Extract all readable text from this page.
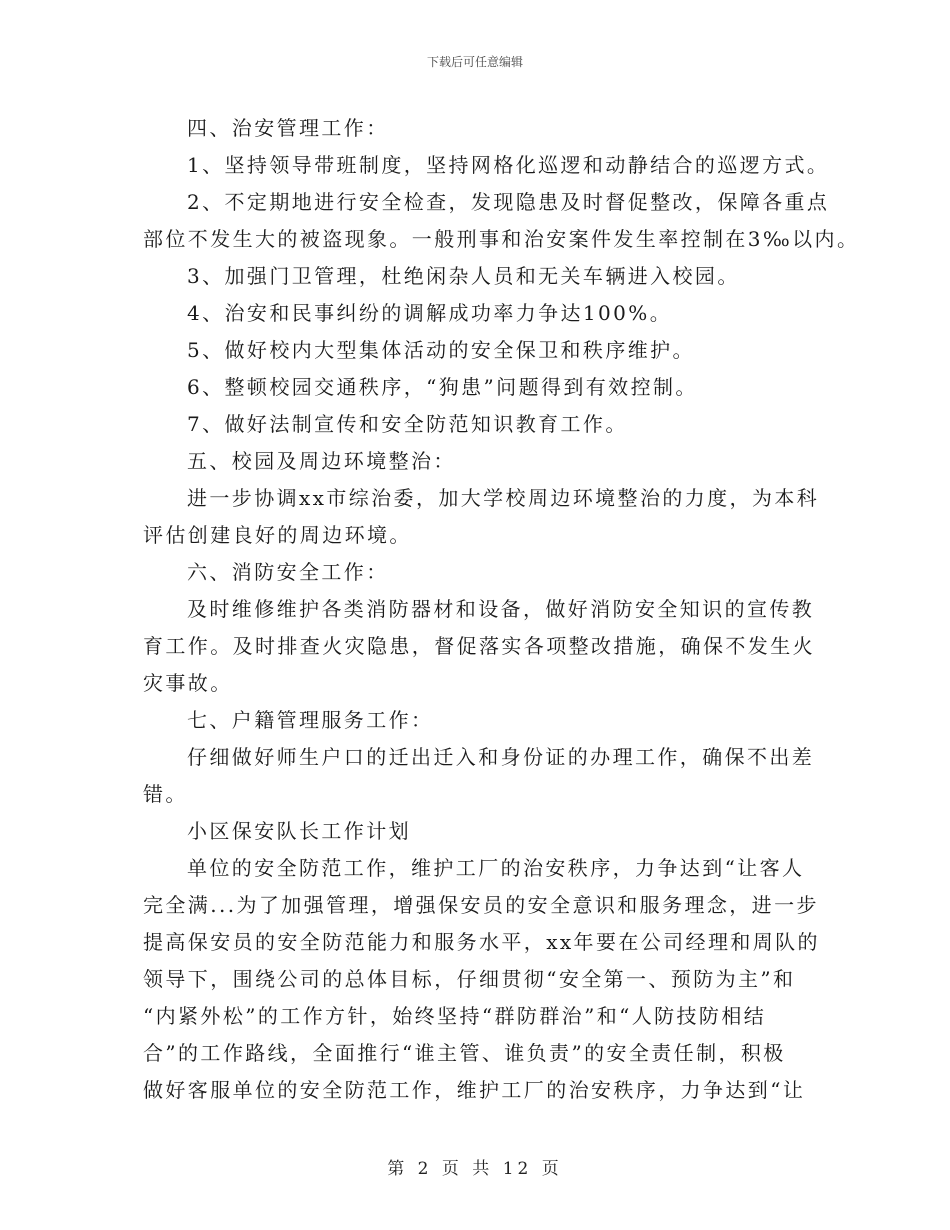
下载后可任意编辑
四、治安管理工作：
1、坚持领导带班制度，坚持网格化巡逻和动静结合的巡逻方式。
2、不定期地进行安全检查，发现隐患及时督促整改，保障各重点
部位不发生大的被盗现象。一般刑事和治安案件发生率控制在3‰以内。
3、加强门卫管理，杜绝闲杂人员和无关车辆进入校园。
4、治安和民事纠纷的调解成功率力争达100%。
5、做好校内大型集体活动的安全保卫和秩序维护。
6、整顿校园交通秩序，“狗患”问题得到有效控制。
7、做好法制宣传和安全防范知识教育工作。
五、校园及周边环境整治：
进一步协调xx市综治委，加大学校周边环境整治的力度，为本科
评估创建良好的周边环境。
六、消防安全工作：
及时维修维护各类消防器材和设备，做好消防安全知识的宣传教
育工作。及时排查火灾隐患，督促落实各项整改措施，确保不发生火
灾事故。
七、户籍管理服务工作：
仔细做好师生户口的迁出迁入和身份证的办理工作，确保不出差
错。
小区保安队长工作计划
单位的安全防范工作，维护工厂的治安秩序，力争达到“让客人
完全满...为了加强管理，增强保安员的安全意识和服务理念，进一步
提高保安员的安全防范能力和服务水平，xx年要在公司经理和周队的
领导下，围绕公司的总体目标，仔细贯彻“安全第一、预防为主”和
“内紧外松”的工作方针，始终坚持“群防群治”和“人防技防相结
合”的工作路线，全面推行“谁主管、谁负责”的安全责任制，积极
做好客服单位的安全防范工作，维护工厂的治安秩序，力争达到“让
第 2 页 共 12 页
